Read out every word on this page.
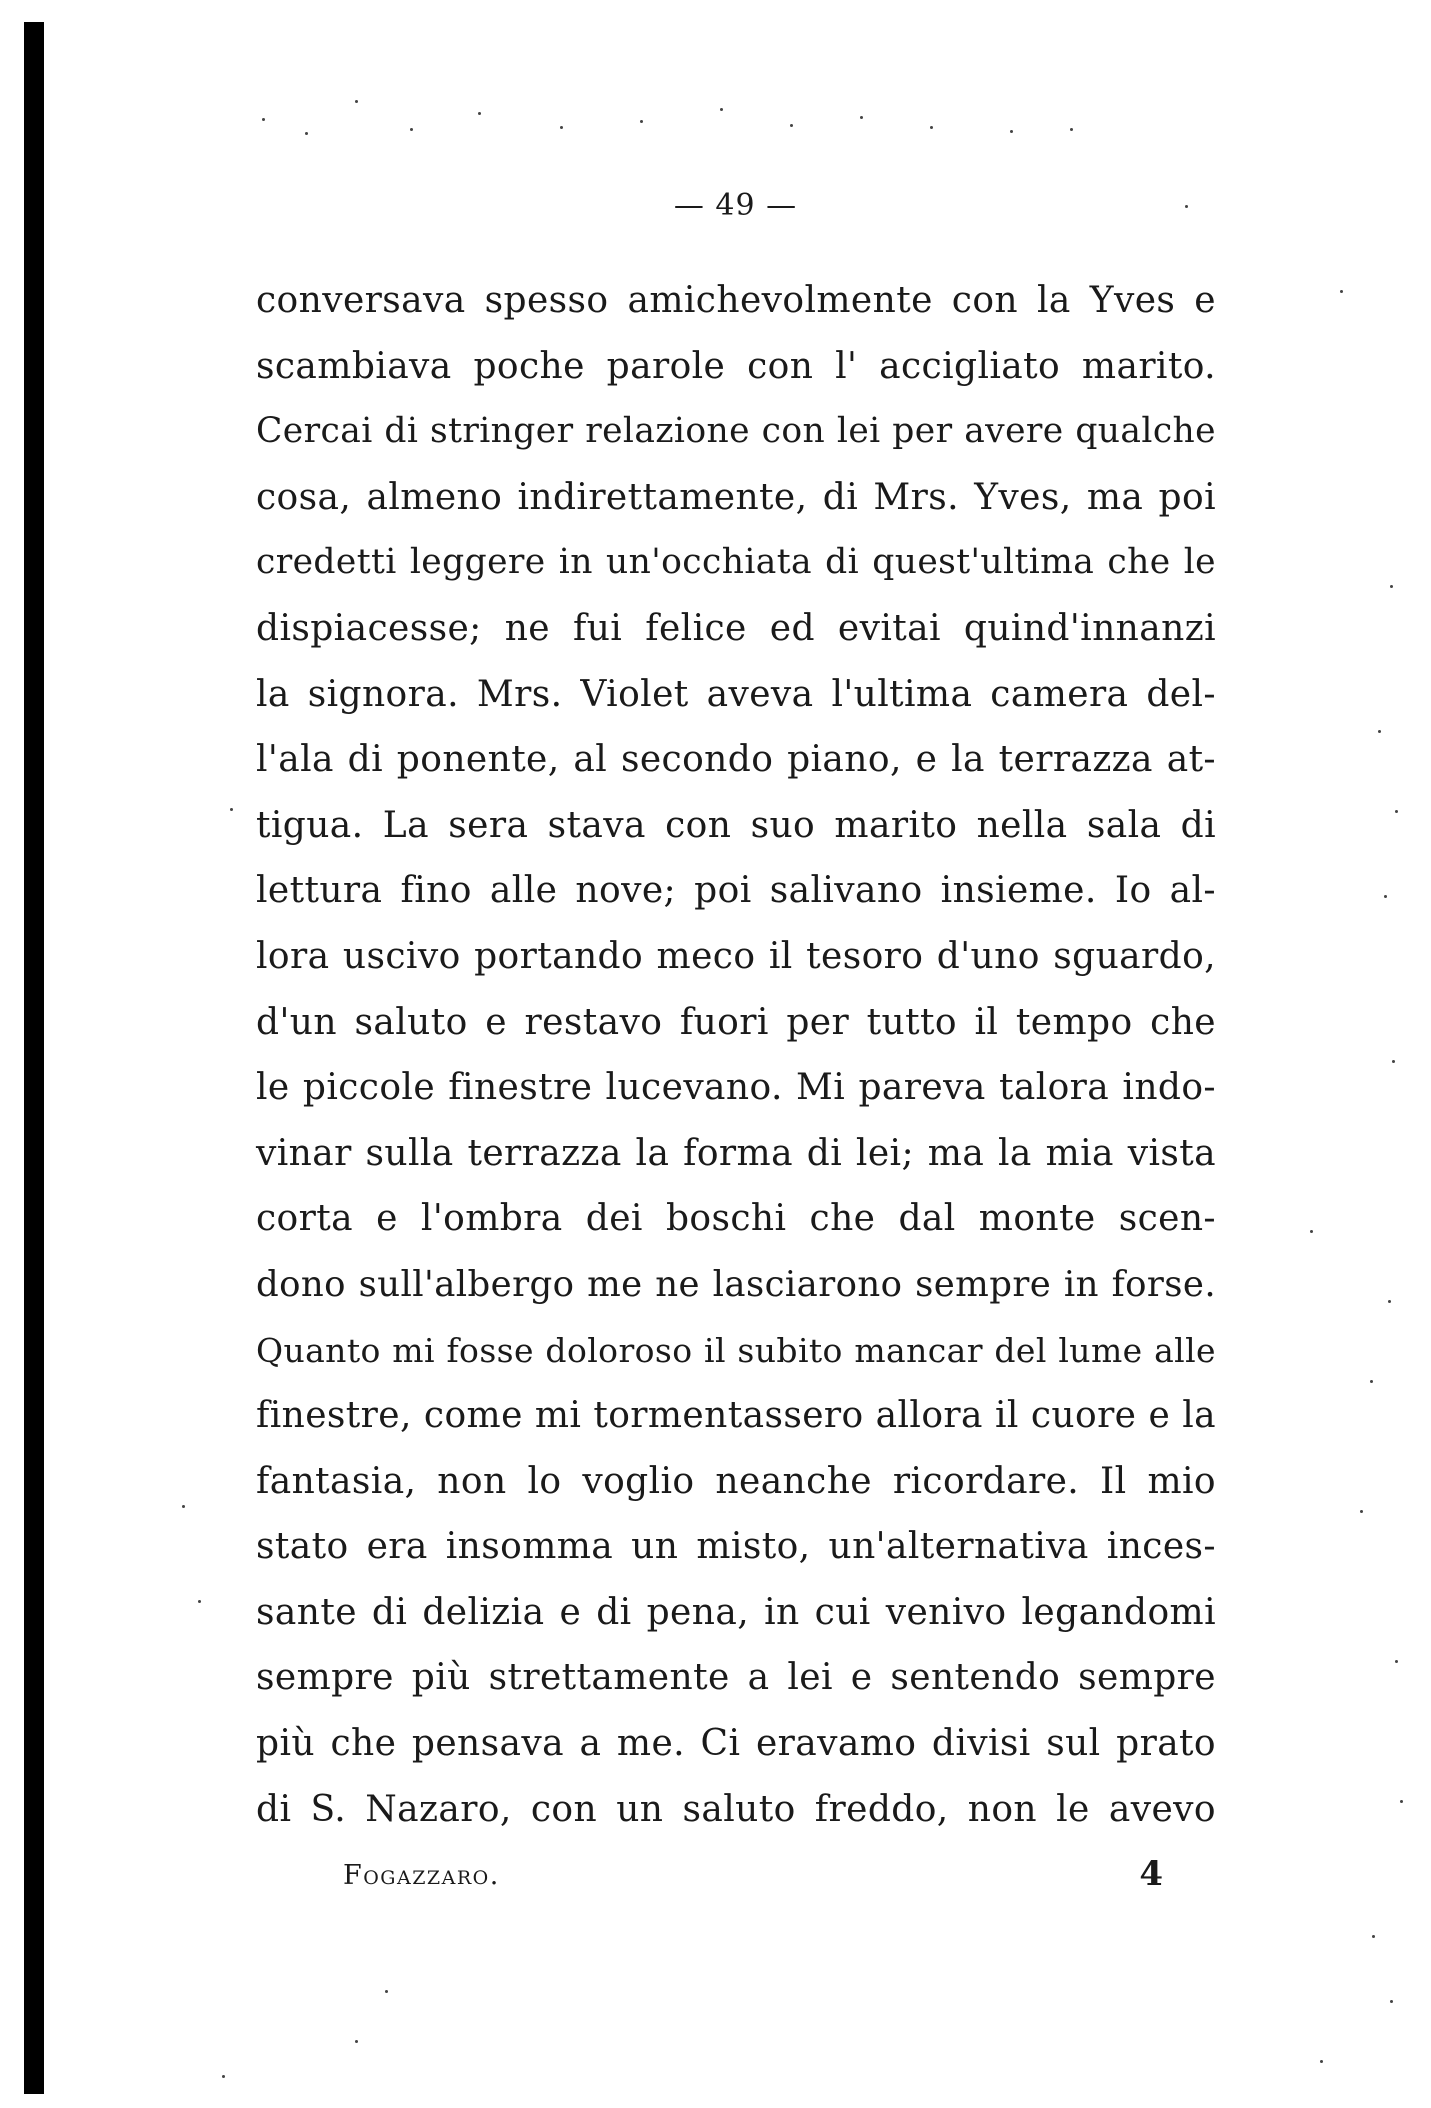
— 49 —
conversava spesso amichevolmente con la Yves e
scambiava poche parole con l' accigliato marito.
Cercai di stringer relazione con lei per avere qualche
cosa, almeno indirettamente, di Mrs. Yves, ma poi
credetti leggere in un'occhiata di quest'ultima che le
dispiacesse; ne fui felice ed evitai quind'innanzi
la signora. Mrs. Violet aveva l'ultima camera del-
l'ala di ponente, al secondo piano, e la terrazza at-
tigua. La sera stava con suo marito nella sala di
lettura fino alle nove; poi salivano insieme. Io al-
lora uscivo portando meco il tesoro d'uno sguardo,
d'un saluto e restavo fuori per tutto il tempo che
le piccole finestre lucevano. Mi pareva talora indo-
vinar sulla terrazza la forma di lei; ma la mia vista
corta e l'ombra dei boschi che dal monte scen-
dono sull'albergo me ne lasciarono sempre in forse.
Quanto mi fosse doloroso il subito mancar del lume alle
finestre, come mi tormentassero allora il cuore e la
fantasia, non lo voglio neanche ricordare. Il mio
stato era insomma un misto, un'alternativa inces-
sante di delizia e di pena, in cui venivo legandomi
sempre più strettamente a lei e sentendo sempre
più che pensava a me. Ci eravamo divisi sul prato
di S. Nazaro, con un saluto freddo, non le avevo
Fogazzaro.	4
